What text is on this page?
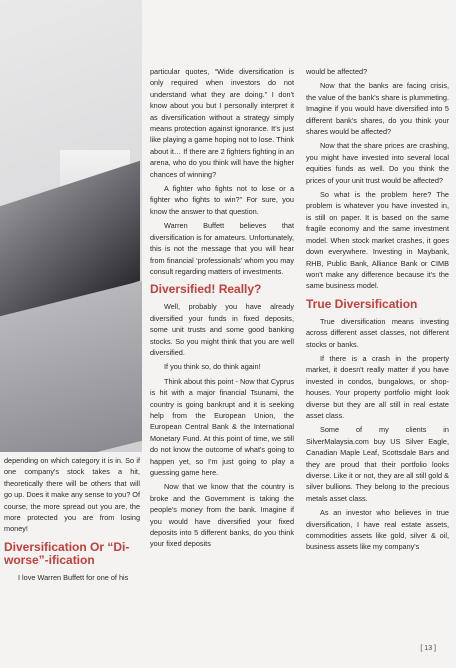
depending on which category it is in. So if one company's stock takes a hit, theoretically there will be others that will go up. Does it make any sense to you? Of course, the more spread out you are, the more protected you are from losing money!

Diversification Or “Di-worse”-ification

I love Warren Buffett for one of his

particular quotes, “Wide diversification is only required when investors do not understand what they are doing.” I don't know about you but I personally interpret it as diversification without a strategy simply means protection against ignorance. It's just like playing a game hoping not to lose. Think about it… If there are 2 fighters fighting in an arena, who do you think will have the higher chances of winning?

A fighter who fights not to lose or a fighter who fights to win?” For sure, you know the answer to that question.

Warren Buffett believes that diversification is for amateurs. Unfortunately, this is not the message that you will hear from financial ‘professionals’ whom you may consult regarding matters of investments.

Diversified! Really?

Well, probably you have already diversified your funds in fixed deposits, some unit trusts and some good banking stocks. So you might think that you are well diversified.

If you think so, do think again!

Think about this point - Now that Cyprus is hit with a major financial Tsunami, the country is going bankrupt and it is seeking help from the European Union, the European Central Bank & the International Monetary Fund. At this point of time, we still do not know the outcome of what's going to happen yet, so I'm just going to play a guessing game here.

Now that we know that the country is broke and the Government is taking the people's money from the bank. Imagine if you would have diversified your fixed deposits into 5 different banks, do you think your fixed deposits

would be affected?

Now that the banks are facing crisis, the value of the bank's share is plummeting. Imagine if you would have diversified into 5 different bank's shares, do you think your shares would be affected?

Now that the share prices are crashing, you might have invested into several local equities funds as well. Do you think the prices of your unit trust would be affected?

So what is the problem here? The problem is whatever you have invested in, is still on paper. It is based on the same fragile economy and the same investment model. When stock market crashes, it goes down everywhere. Investing in Maybank, RHB, Public Bank, Alliance Bank or CIMB won't make any difference because it's the same business model.

True Diversification

True diversification means investing across different asset classes, not different stocks or banks.

If there is a crash in the property market, it doesn't really matter if you have invested in condos, bungalows, or shop-houses. Your property portfolio might look diverse but they are all still in real estate asset class.

Some of my clients in SilverMalaysia.com buy US Silver Eagle, Canadian Maple Leaf, Scottsdale Bars and they are proud that their portfolio looks diverse. Like it or not, they are all still gold & silver bullions. They belong to the precious metals asset class.

As an investor who believes in true diversification, I have real estate assets, commodities assets like gold, silver & oil, business assets like my company's

[ 13 ]
